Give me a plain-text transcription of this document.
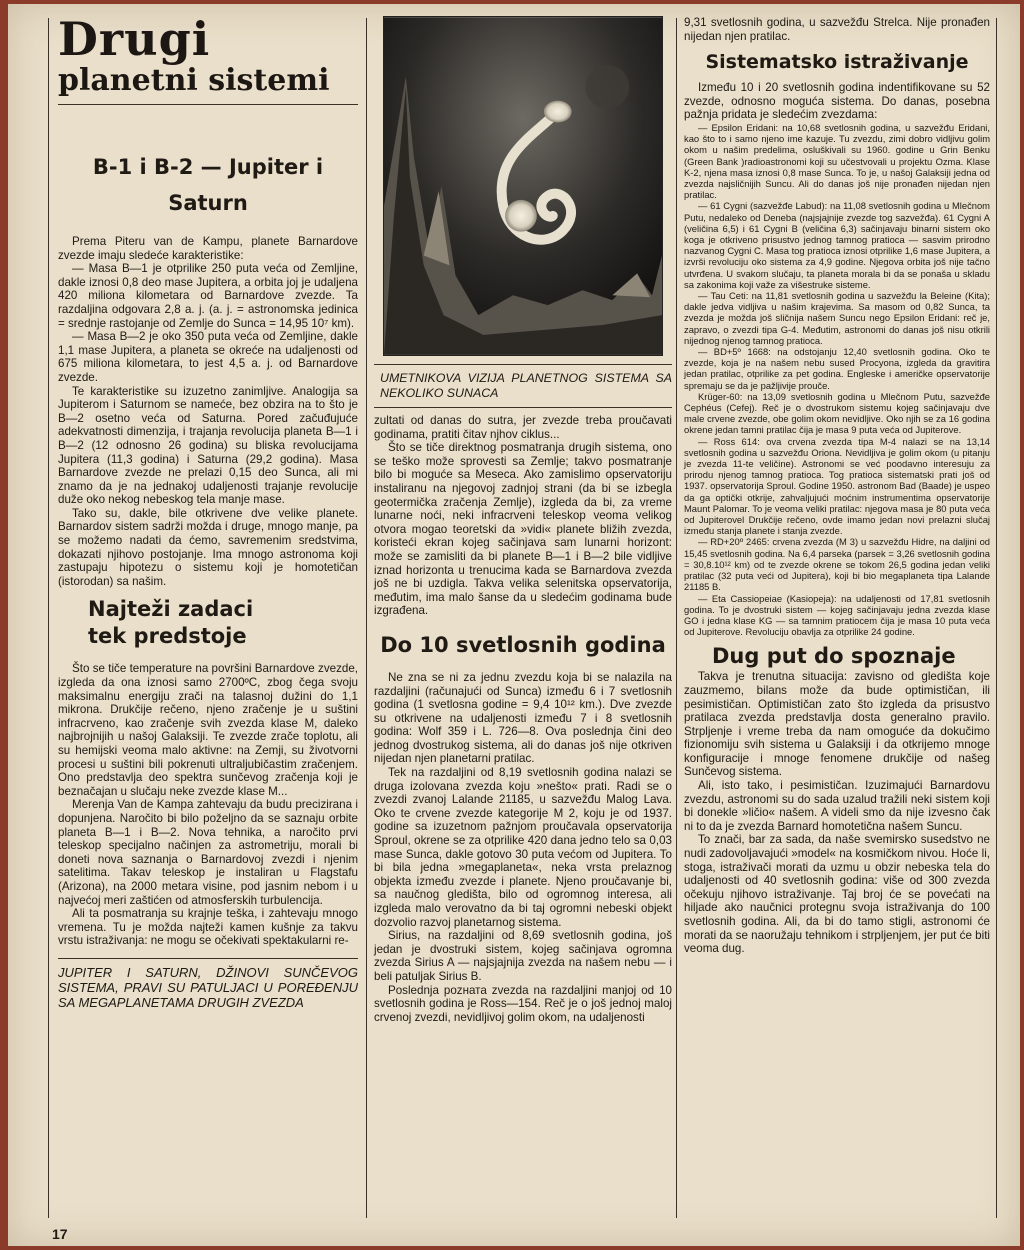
Drugi
planetni sistemi
B-1 i B-2 — Jupiter i Saturn

Prema Piteru van de Kampu, planete Barnardove zvezde imaju sledeće karakteristike:

— Masa B—1 je otprilike 250 puta veća od Zemljine, dakle iznosi 0,8 deo mase Jupitera, a orbita joj je udaljena 420 miliona kilometara od Barnardove zvezde. Ta razdaljina odgovara 2,8 a. j. (a. j. = astronomska jedinica = srednje rastojanje od Zemlje do Sunca = 14,95 10⁷ km).

— Masa B—2 je oko 350 puta veća od Zemljine, dakle 1,1 mase Jupitera, a planeta se okreće na udaljenosti od 675 miliona kilometara, to jest 4,5 a. j. od Barnardove zvezde.

Te karakteristike su izuzetno zanimljive. Analogija sa Jupiterom i Saturnom se nameće, bez obzira na to što je B—2 osetno veća od Saturna. Pored začuđujuće adekvatnosti dimenzija, i trajanja revolucija planeta B—1 i B—2 (12 odnosno 26 godina) su bliska revolucijama Jupitera (11,3 godina) i Saturna (29,2 godina). Masa Barnardove zvezde ne prelazi 0,15 deo Sunca, ali mi znamo da je na jednakoj udaljenosti trajanje revolucije duže oko nekog nebeskog tela manje mase.

Tako su, dakle, bile otkrivene dve velike planete. Barnardov sistem sadrži možda i druge, mnogo manje, pa se možemo nadati da ćemo, savremenim sredstvima, dokazati njihovo postojanje. Ima mnogo astronoma koji zastupaju hipotezu o sistemu koji je homotetičan (istorodan) sa našim.

Najteži zadaci tek predstoje

Što se tiče temperature na površini Barnardove zvezde, izgleda da ona iznosi samo 2700ºC, zbog čega svoju maksimalnu energiju zrači na talasnoj dužini do 1,1 mikrona. Drukčije rečeno, njeno zračenje je u suštini infracrveno, kao zračenje svih zvezda klase M, daleko najbrojnijih u našoj Galaksiji. Te zvezde zrače toplotu, ali su hemijski veoma malo aktivne: na Zemji, su životvorni procesi u suštini bili pokrenuti ultraljubičastim zračenjem. Ono predstavlja deo spektra sunčevog zračenja koji je beznačajan u slučaju neke zvezde klase M...

Merenja Van de Kampa zahtevaju da budu precizirana i dopunjena. Naročito bi bilo poželjno da se saznaju orbite planeta B—1 i B—2. Nova tehnika, a naročito prvi teleskop specijalno načinjen za astrometriju, morali bi doneti nova saznanja o Barnardovoj zvezdi i njenim satelitima. Takav teleskop je instaliran u Flagstafu (Arizona), na 2000 metara visine, pod jasnim nebom i u najvećoj meri zaštićen od atmosferskih turbulencija.

Ali ta posmatranja su krajnje teška, i zahtevaju mnogo vremena. Tu je možda najteži kamen kušnje za takvu vrstu istraživanja: ne mogu se očekivati spektakularni re-

JUPITER I SATURN, DŽINOVI SUNČEVOG SISTEMA, PRAVI SU PATULJACI U POREĐENJU SA MEGAPLANETAMA DRUGIH ZVEZDA
UMETNIKOVA VIZIJA PLANETNOG SISTEMA SA NEKOLIKO SUNACA

zultati od danas do sutra, jer zvezde treba proučavati godinama, pratiti čitav njhov ciklus...

Što se tiče direktnog posmatranja drugih sistema, ono se teško može sprovesti sa Zemlje; takvo posmatranje bilo bi moguće sa Meseca. Ako zamislimo opservatoriju instaliranu na njegovoj zadnjoj strani (da bi se izbegla geotermička zračenja Zemlje), izgleda da bi, za vreme lunarne noći, neki infracrveni teleskop veoma velikog otvora mogao teoretski da »vidi« planete bližih zvezda, koristeći ekran kojeg sačinjava sam lunarni horizont: može se zamisliti da bi planete B—1 i B—2 bile vidljive iznad horizonta u trenucima kada se Barnardova zvezda još ne bi uzdigla. Takva velika selenitska opservatorija, međutim, ima malo šanse da u sledećim godinama bude izgrađena.

Do 10 svetlosnih godina

Ne zna se ni za jednu zvezdu koja bi se nalazila na razdaljini (računajući od Sunca) između 6 i 7 svetlosnih godina (1 svetlosna godine = 9,4 10¹² km.). Dve zvezde su otkrivene na udaljenosti između 7 i 8 svetlosnih godina: Wolf 359 i L. 726—8. Ova poslednja čini deo jednog dvostrukog sistema, ali do danas još nije otkriven nijedan njen planetarni pratilac.

Tek na razdaljini od 8,19 svetlosnih godina nalazi se druga izolovana zvezda koju »nešto« prati. Radi se o zvezdi zvanoj Lalande 21185, u sazvežđu Malog Lava. Oko te crvene zvezde kategorije M 2, koju je od 1937. godine sa izuzetnom pažnjom proučavala opservatorija Sproul, okrene se za otprilike 420 dana jedno telo sa 0,03 mase Sunca, dakle gotovo 30 puta većom od Jupitera. To bi bila jedna »megaplaneta«, neka vrsta prelaznog objekta između zvezde i planete. Njeno proučavanje bi, sa naučnog gledišta, bilo od ogromnog interesa, ali izgleda malo verovatno da bi taj ogromni nebeski objekt dozvolio razvoj planetarnog sistema.

Sirius, na razdaljini od 8,69 svetlosnih godina, još jedan je dvostruki sistem, kojeg sačinjava ogromna zvezda Sirius A — najsjajnija zvezda na našem nebu — i beli patuljak Sirius B.

Poslednja pozната zvezda na razdaljini manjoj od 10 svetlosnih godina je Ross—154. Reč je o još jednoj maloj crvenoj zvezdi, nevidljivoj golim okom, na udaljenosti

9,31 svetlosnih godina, u sazvežđu Strelca. Nije pronađen nijedan njen pratilac.

Sistematsko istraživanje

Između 10 i 20 svetlosnih godina indentifikovane su 52 zvezde, odnosno moguća sistema. Do danas, posebna pažnja pridata je sledećim zvezdama:

— Epsilon Eridani: na 10,68 svetlosnih godina, u sazvežđu Eridani, kao što to i samo njeno ime kazuje. Tu zvezdu, zimi dobro vidljivu golim okom u našim predelima, osluškivali su 1960. godine u Grin Benku (Green Bank )radioastronomi koji su učestvovali u projektu Ozma. Klase K-2, njena masa iznosi 0,8 mase Sunca. To je, u našoj Galaksiji jedna od zvezda najsličnijih Suncu. Ali do danas još nije pronađen nijedan njen pratilac.

— 61 Cygni (sazvežđe Labud): na 11,08 svetlosnih godina u Mlečnom Putu, nedaleko od Deneba (najsjajnije zvezde tog sazvežđa). 61 Cygni A (veličina 6,5) i 61 Cygni B (veličina 6,3) sačinjavaju binarni sistem oko koga je otkriveno prisustvo jednog tamnog pratioca — sasvim prirodno nazvanog Cygni C. Masa tog pratioca iznosi otprilike 1,6 mase Jupitera, a izvrši revoluciju oko sistema za 4,9 godine. Njegova orbita još nije tačno utvrđena. U svakom slučaju, ta planeta morala bi da se ponaša u skladu sa zakonima koji važe za višestruke sisteme.

— Tau Ceti: na 11,81 svetlosnih godina u sazvežđu la Beleine (Kita); dakle jedva vidljiva u našim krajevima. Sa masom od 0,82 Sunca, ta zvezda je možda još sličnija našem Suncu nego Epsilon Eridani: reč je, zapravo, o zvezdi tipa G-4. Međutim, astronomi do danas još nisu otkrili nijednog njenog tamnog pratioca.

— BD+5º 1668: na odstojanju 12,40 svetlosnih godina. Oko te zvezde, koja je na našem nebu sused Procyona, izgleda da gravitira jedan pratilac, otprilike za pet godina. Engleske i američke opservatorije spremaju se da je pažljivije prouče.

Krüger-60: na 13,09 svetlosnih godina u Mlečnom Putu, sazvežđe Cephéus (Cefej). Reč je o dvostrukom sistemu kojeg sačinjavaju dve male crvene zvezde, obe golim okom nevidljive. Oko njih se za 16 godina okrene jedan tamni pratilac čija je masa 9 puta veća od Jupiterove.

— Ross 614: ova crvena zvezda tipa M-4 nalazi se na 13,14 svetlosnih godina u sazvežđu Oriona. Nevidljiva je golim okom (u pitanju je zvezda 11-te veličine). Astronomi se već poodavno interesuju za prirodu njenog tamnog pratioca. Tog pratioca sistematski prati još od 1937. opservatorija Sproul. Godine 1950. astronom Bad (Baade) je uspeo da ga optički otkrije, zahvaljujući moćnim instrumentima opservatorije Maunt Palomar. To je veoma veliki pratilac: njegova masa je 80 puta veća od Jupiterovel Drukčije rečeno, ovde imamo jedan novi prelazni slučaj između stanja planete i stanja zvezde.

— RD+20º 2465: crvena zvezda (M 3) u sazvežđu Hidre, na daljini od 15,45 svetlosnih godina. Na 6,4 parseka (parsek = 3,26 svetlosnih godina = 30,8.10¹² km) od te zvezde okrene se tokom 26,5 godina jedan veliki pratilac (32 puta veći od Jupitera), koji bi bio megaplaneta tipa Lalande 21185 B.

— Eta Cassiopeiae (Kasiopeja): na udaljenosti od 17,81 svetlosnih godina. To je dvostruki sistem — kojeg sačinjavaju jedna zvezda klase GO i jedna klase KG — sa tamnim pratiocem čija je masa 10 puta veća od Jupiterove. Revoluciju obavlja za otprilike 24 godine.

Dug put do spoznaje

Takva je trenutna situacija: zavisno od gledišta koje zauzmemo, bilans može da bude optimističan, ili pesimističan. Optimističan zato što izgleda da prisustvo pratilaca zvezda predstavlja dosta generalno pravilo. Strpljenje i vreme treba da nam omoguće da dokučimo fizionomiju svih sistema u Galaksiji i da otkrijemo mnoge konfiguracije i mnoge fenomene drukčije od našeg Sunčevog sistema.

Ali, isto tako, i pesimističan. Izuzimajući Barnardovu zvezdu, astronomi su do sada uzalud tražili neki sistem koji bi donekle »ličio« našem. A videli smo da nije izvesno čak ni to da je zvezda Barnard homotetična našem Suncu.

To znači, bar za sada, da naše svemirsko susedstvo ne nudi zadovoljavajući »model« na kosmičkom nivou. Hoće li, stoga, istraživači morati da uzmu u obzir nebeska tela do udaljenosti od 40 svetlosnih godina: više od 300 zvezda očekuju njihovo istraživanje. Taj broj će se povećati na hiljade ako naučnici protegnu svoja istraživanja do 100 svetlosnih godina. Ali, da bi do tamo stigli, astronomi će morati da se naoružaju tehnikom i strpljenjem, jer put će biti veoma dug.

17
